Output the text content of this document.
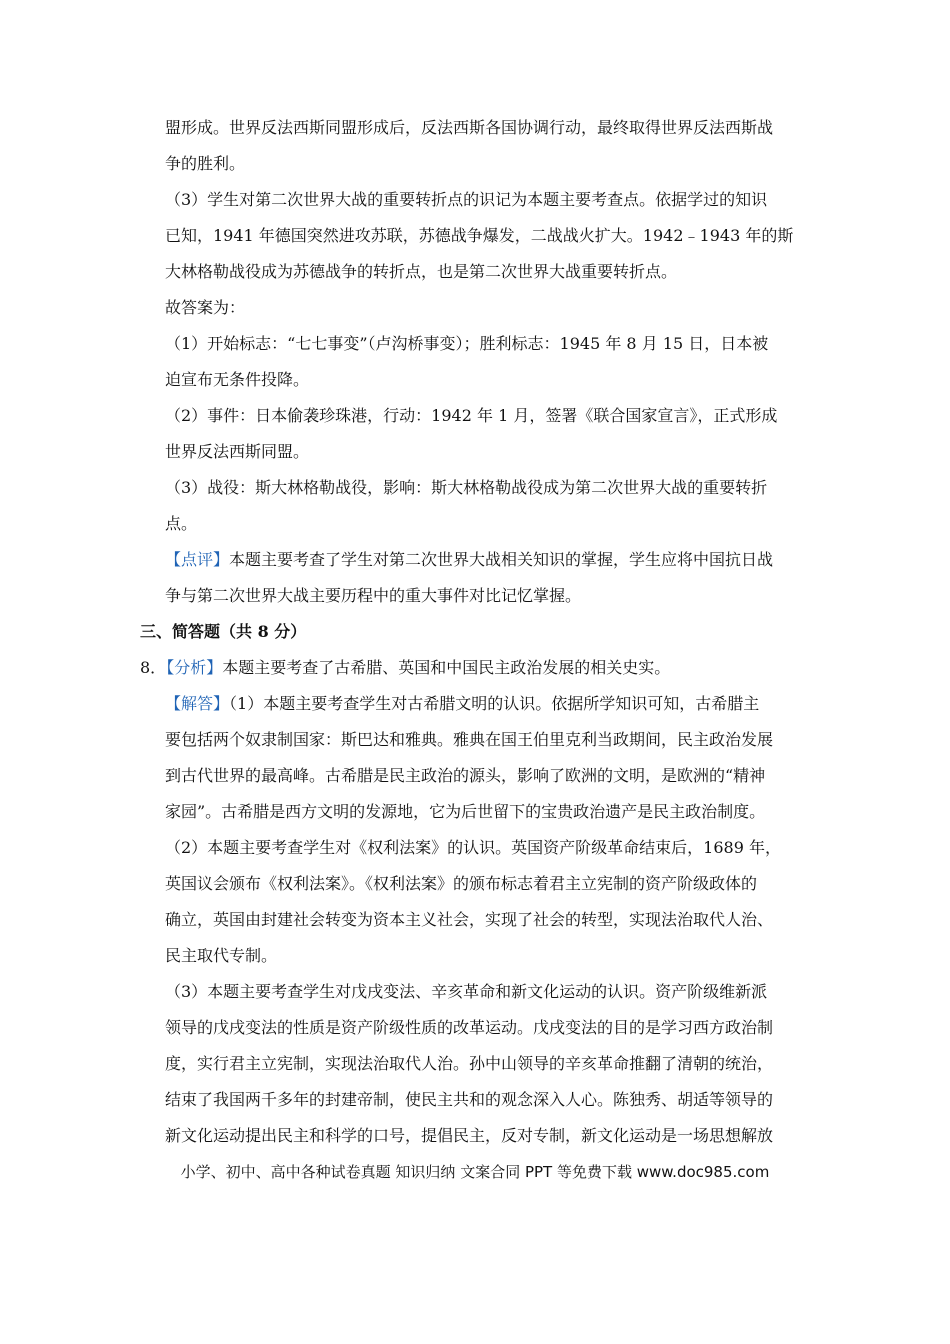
盟形成。世界反法西斯同盟形成后，反法西斯各国协调行动，最终取得世界反法西斯战
争的胜利。
（3）学生对第二次世界大战的重要转折点的识记为本题主要考查点。依据学过的知识
已知，1941 年德国突然进攻苏联，苏德战争爆发，二战战火扩大。1942﹣1943 年的斯
大林格勒战役成为苏德战争的转折点，也是第二次世界大战重要转折点。
故答案为：
（1）开始标志：“七七事变”（卢沟桥事变）；胜利标志：1945 年 8 月 15 日，日本被
迫宣布无条件投降。
（2）事件：日本偷袭珍珠港，行动：1942 年 1 月，签署《联合国家宣言》，正式形成
世界反法西斯同盟。
（3）战役：斯大林格勒战役，影响：斯大林格勒战役成为第二次世界大战的重要转折
点。
【点评】本题主要考查了学生对第二次世界大战相关知识的掌握，学生应将中国抗日战
争与第二次世界大战主要历程中的重大事件对比记忆掌握。
三、简答题（共 8 分）
8．【分析】本题主要考查了古希腊、英国和中国民主政治发展的相关史实。
【解答】（1）本题主要考查学生对古希腊文明的认识。依据所学知识可知，古希腊主
要包括两个奴隶制国家：斯巴达和雅典。雅典在国王伯里克利当政期间，民主政治发展
到古代世界的最高峰。古希腊是民主政治的源头，影响了欧洲的文明，是欧洲的“精神
家园”。古希腊是西方文明的发源地，它为后世留下的宝贵政治遗产是民主政治制度。
（2）本题主要考查学生对《权利法案》的认识。英国资产阶级革命结束后，1689 年，
英国议会颁布《权利法案》。《权利法案》的颁布标志着君主立宪制的资产阶级政体的
确立，英国由封建社会转变为资本主义社会，实现了社会的转型，实现法治取代人治、
民主取代专制。
（3）本题主要考查学生对戊戌变法、辛亥革命和新文化运动的认识。资产阶级维新派
领导的戊戌变法的性质是资产阶级性质的改革运动。戊戌变法的目的是学习西方政治制
度，实行君主立宪制，实现法治取代人治。孙中山领导的辛亥革命推翻了清朝的统治，
结束了我国两千多年的封建帝制，使民主共和的观念深入人心。陈独秀、胡适等领导的
新文化运动提出民主和科学的口号，提倡民主，反对专制，新文化运动是一场思想解放
小学、初中、高中各种试卷真题 知识归纳 文案合同 PPT 等免费下载 www.doc985.com
